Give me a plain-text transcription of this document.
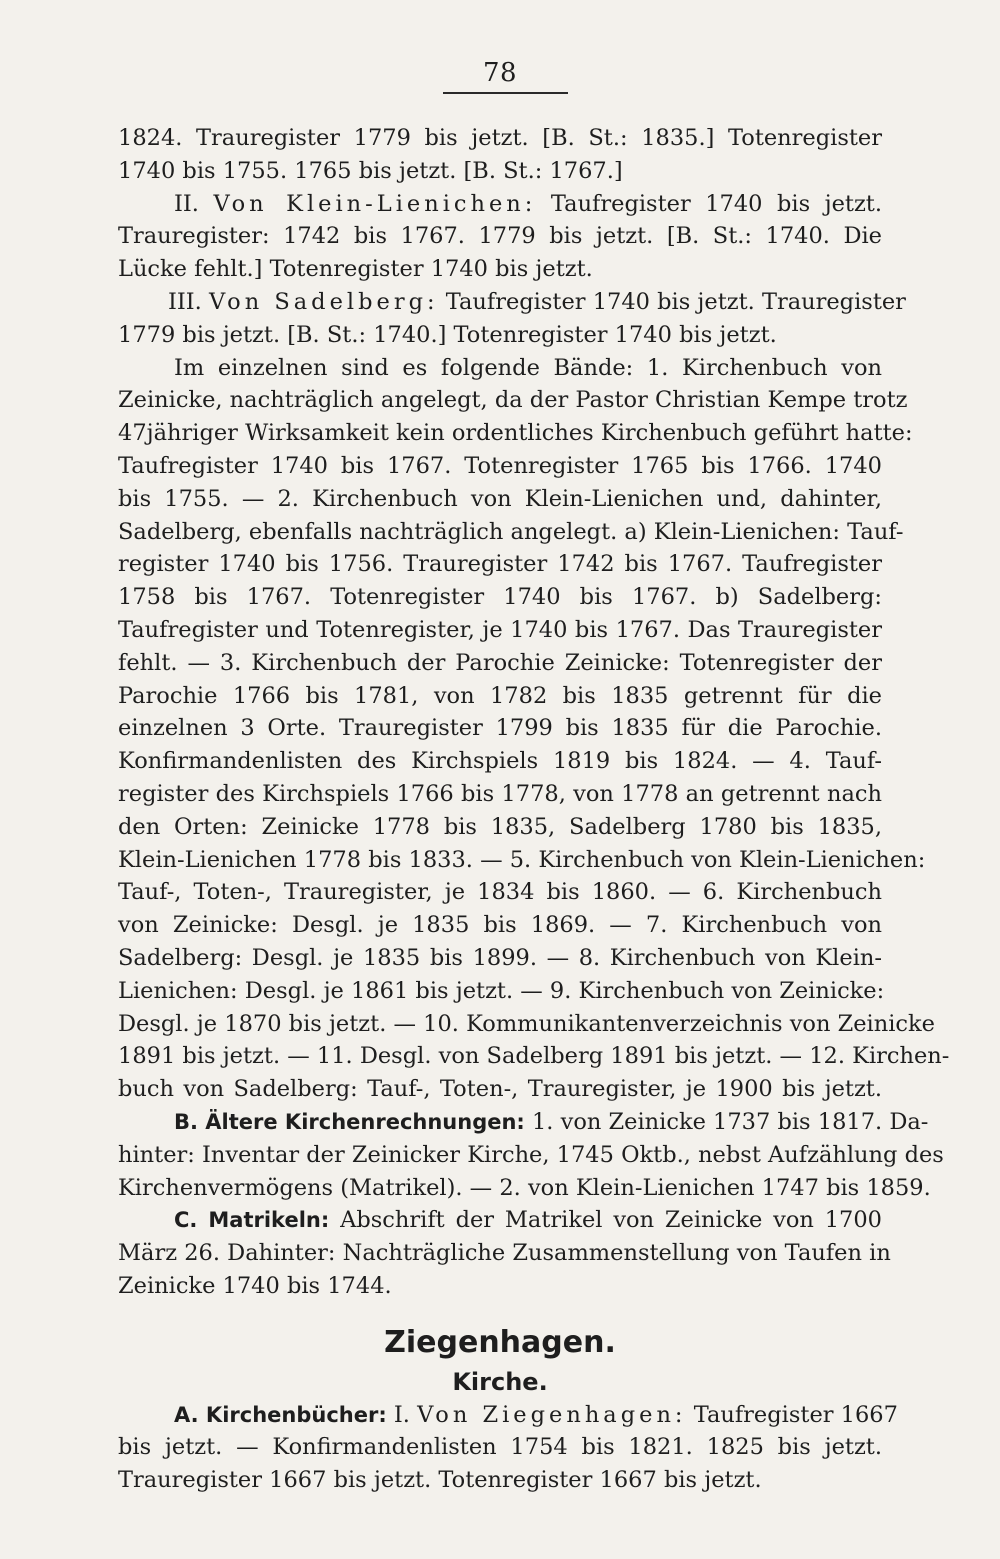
78
1824. Trauregister 1779 bis jetzt. [B. St.: 1835.] Totenregister
1740 bis 1755. 1765 bis jetzt. [B. St.: 1767.]
II. Von Klein-Lienichen: Taufregister 1740 bis jetzt.
Trauregister: 1742 bis 1767. 1779 bis jetzt. [B. St.: 1740. Die
Lücke fehlt.] Totenregister 1740 bis jetzt.
III. Von Sadelberg: Taufregister 1740 bis jetzt. Trauregister
1779 bis jetzt. [B. St.: 1740.] Totenregister 1740 bis jetzt.
Im einzelnen sind es folgende Bände: 1. Kirchenbuch von
Zeinicke, nachträglich angelegt, da der Pastor Christian Kempe trotz
47jähriger Wirksamkeit kein ordentliches Kirchenbuch geführt hatte:
Taufregister 1740 bis 1767. Totenregister 1765 bis 1766. 1740
bis 1755. — 2. Kirchenbuch von Klein-Lienichen und, dahinter,
Sadelberg, ebenfalls nachträglich angelegt. a) Klein-Lienichen: Tauf-
register 1740 bis 1756. Trauregister 1742 bis 1767. Taufregister
1758 bis 1767. Totenregister 1740 bis 1767. b) Sadelberg:
Taufregister und Totenregister, je 1740 bis 1767. Das Trauregister
fehlt. — 3. Kirchenbuch der Parochie Zeinicke: Totenregister der
Parochie 1766 bis 1781, von 1782 bis 1835 getrennt für die
einzelnen 3 Orte. Trauregister 1799 bis 1835 für die Parochie.
Konfirmandenlisten des Kirchspiels 1819 bis 1824. — 4. Tauf-
register des Kirchspiels 1766 bis 1778, von 1778 an getrennt nach
den Orten: Zeinicke 1778 bis 1835, Sadelberg 1780 bis 1835,
Klein-Lienichen 1778 bis 1833. — 5. Kirchenbuch von Klein-Lienichen:
Tauf-, Toten-, Trauregister, je 1834 bis 1860. — 6. Kirchenbuch
von Zeinicke: Desgl. je 1835 bis 1869. — 7. Kirchenbuch von
Sadelberg: Desgl. je 1835 bis 1899. — 8. Kirchenbuch von Klein-
Lienichen: Desgl. je 1861 bis jetzt. — 9. Kirchenbuch von Zeinicke:
Desgl. je 1870 bis jetzt. — 10. Kommunikantenverzeichnis von Zeinicke
1891 bis jetzt. — 11. Desgl. von Sadelberg 1891 bis jetzt. — 12. Kirchen-
buch von Sadelberg: Tauf-, Toten-, Trauregister, je 1900 bis jetzt.
B. Ältere Kirchenrechnungen: 1. von Zeinicke 1737 bis 1817. Da-
hinter: Inventar der Zeinicker Kirche, 1745 Oktb., nebst Aufzählung des
Kirchenvermögens (Matrikel). — 2. von Klein-Lienichen 1747 bis 1859.
C. Matrikeln: Abschrift der Matrikel von Zeinicke von 1700
März 26. Dahinter: Nachträgliche Zusammenstellung von Taufen in
Zeinicke 1740 bis 1744.
Ziegenhagen.
Kirche.
A. Kirchenbücher: I. Von Ziegenhagen: Taufregister 1667
bis jetzt. — Konfirmandenlisten 1754 bis 1821. 1825 bis jetzt.
Trauregister 1667 bis jetzt. Totenregister 1667 bis jetzt.
